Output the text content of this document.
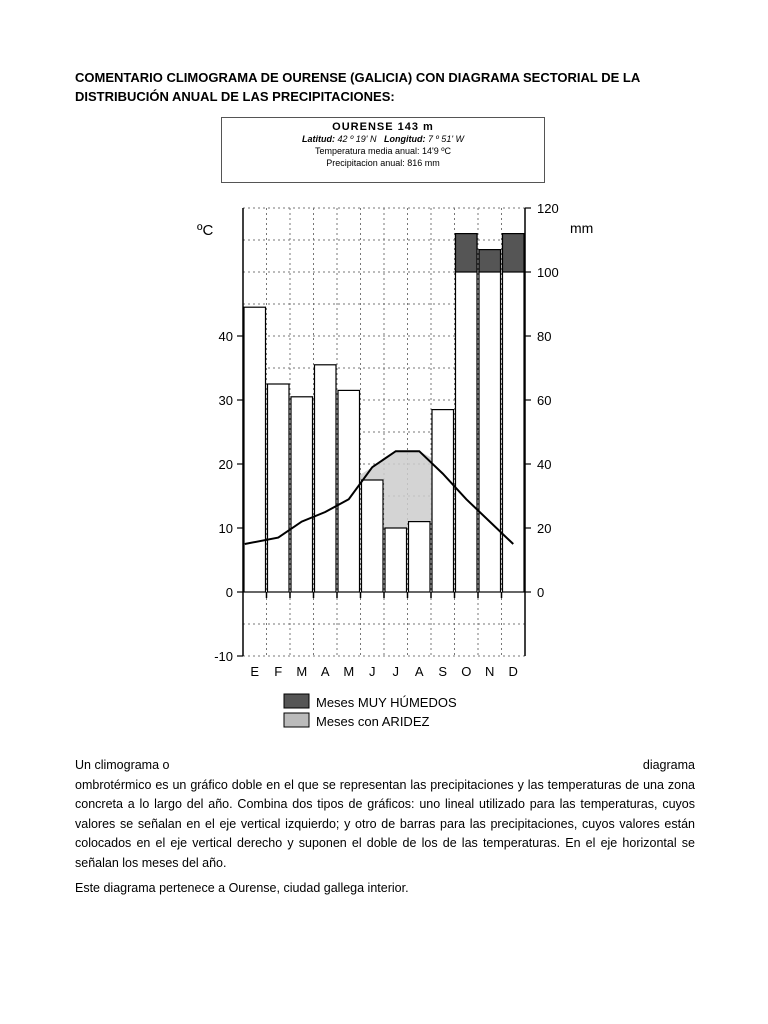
COMENTARIO CLIMOGRAMA DE OURENSE (GALICIA) CON DIAGRAMA SECTORIAL DE LA DISTRIBUCIÓN ANUAL DE LAS PRECIPITACIONES:
OURENSE 143 m
Latitud: 42 º 19' N Longitud: 7 º 51' W
Temperatura media anual: 14'9 ºC
Precipitacion anual: 816 mm
-10
0
10
20
30
40
ºC
0
20
40
60
80
100
120
mm
E F M A M J J A S O N D
Meses MUY HÚMEDOS
Meses con ARIDEZ
Un climograma o	diagrama
ombrotérmico es un gráfico doble en el que se representan las precipitaciones y las temperaturas de una zona concreta a lo largo del año. Combina dos tipos de gráficos: uno lineal utilizado para las temperaturas, cuyos valores se señalan en el eje vertical izquierdo; y otro de barras para las precipitaciones, cuyos valores están colocados en el eje vertical derecho y suponen el doble de los de las temperaturas. En el eje horizontal se señalan los meses del año.
Este diagrama pertenece a Ourense, ciudad gallega interior.
